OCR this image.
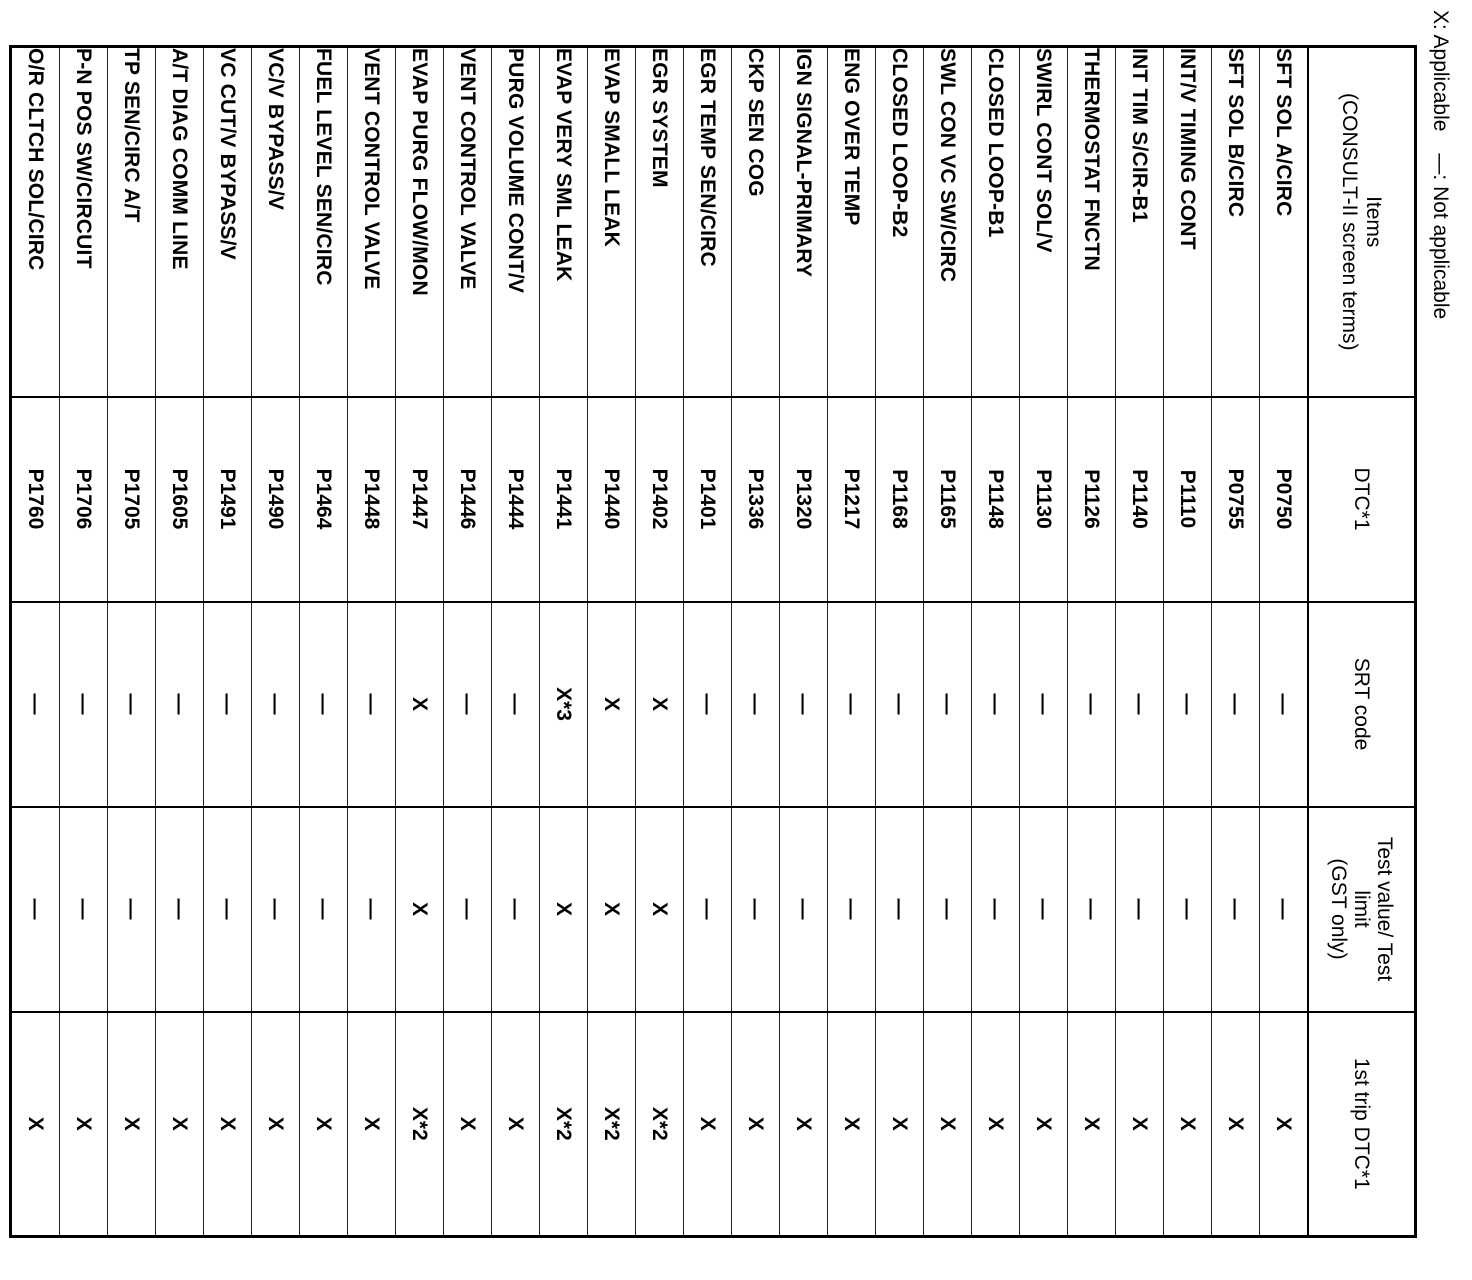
X: Applicable—: Not applicable
Items
(CONSULT-II screen terms)	DTC*1	SRT code	Test value/ Test
limit
(GST only)	1st trip DTC*1
SFT SOL A/CIRC	P0750	—	—	X
SFT SOL B/CIRC	P0755	—	—	X
INT/V TIMING CONT	P1110	—	—	X
INT TIM S/CIR-B1	P1140	—	—	X
THERMOSTAT FNCTN	P1126	—	—	X
SWIRL CONT SOL/V	P1130	—	—	X
CLOSED LOOP-B1	P1148	—	—	X
SWL CON VC SW/CIRC	P1165	—	—	X
CLOSED LOOP-B2	P1168	—	—	X
ENG OVER TEMP	P1217	—	—	X
IGN SIGNAL-PRIMARY	P1320	—	—	X
CKP SEN COG	P1336	—	—	X
EGR TEMP SEN/CIRC	P1401	—	—	X
EGR SYSTEM	P1402	X	X	X*2
EVAP SMALL LEAK	P1440	X	X	X*2
EVAP VERY SML LEAK	P1441	X*3	X	X*2
PURG VOLUME CONT/V	P1444	—	—	X
VENT CONTROL VALVE	P1446	—	—	X
EVAP PURG FLOW/MON	P1447	X	X	X*2
VENT CONTROL VALVE	P1448	—	—	X
FUEL LEVEL SEN/CIRC	P1464	—	—	X
VC/V BYPASS/V	P1490	—	—	X
VC CUT/V BYPASS/V	P1491	—	—	X
A/T DIAG COMM LINE	P1605	—	—	X
TP SEN/CIRC A/T	P1705	—	—	X
P-N POS SW/CIRCUIT	P1706	—	—	X
O/R CLTCH SOL/CIRC	P1760	—	—	X
